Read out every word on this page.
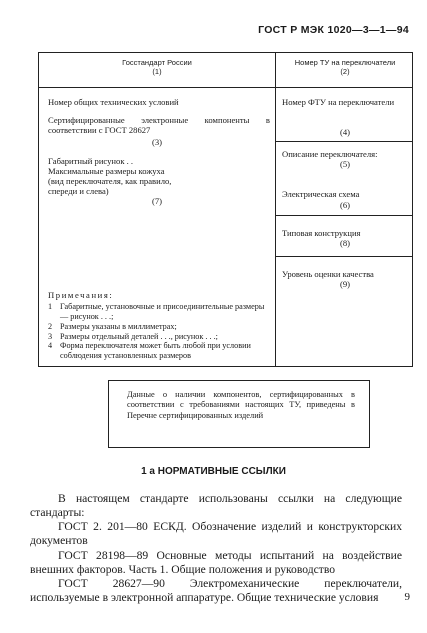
ГОСТ Р МЭК 1020—3—1—94
Госстандарт России
(1)
Номер ТУ на переключатели
(2)
Номер общих технических условий
Сертифицированные электронные компоненты в соответствии с ГОСТ 28627
(3)
Габаритный рисунок . .
Максимальные размеры кожуха
(вид переключателя, как правило,
спереди и слева)
(7)
Примечания:
1 Габаритные, установочные и присоединительные размеры — рисунок . . .;
2 Размеры указаны в миллиметрах;
3 Размеры отдельный деталей . . ., рисунок . . .;
4 Форма переключателя может быть любой при условии соблюдения установленных размеров
Номер ФТУ на переключатели
(4)
Описание переключателя:
(5)
Электрическая схема
(6)
Типовая конструкция
(8)
Уровень оценки качества
(9)
Данные о наличии компонентов, сертифицированных в соответствии с требованиями настоящих ТУ, приведены в Перечне сертифицированных изделий
1 а НОРМАТИВНЫЕ ССЫЛКИ

В настоящем стандарте использованы ссылки на следующие стандарты:

ГОСТ 2. 201—80 ЕСКД. Обозначение изделий и конструкторских документов

ГОСТ 28198—89 Основные методы испытаний на воздействие внешних факторов. Часть 1. Общие положения и руководство

ГОСТ 28627—90 Электромеханические переключатели, используемые в электронной аппаратуре. Общие технические условия	9
